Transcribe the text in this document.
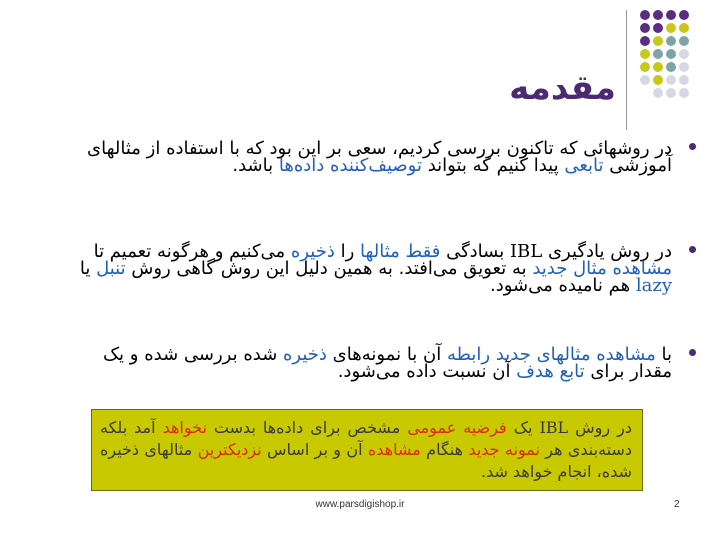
مقدمه

در روشهائی که تاکنون بررسی کردیم، سعی بر این بود که با استفاده از مثالهای آموزشی تابعی پیدا کنیم که بتواند توصیف‌کننده داده‌ها باشد.

در روش یادگیری IBL بسادگی فقط مثالها را ذخیره می‌کنیم و هرگونه تعمیم تا مشاهده مثال جدید به تعویق می‌افتد. به همین دلیل این روش گاهی روش تنبل یا lazy هم نامیده می‌شود.

با مشاهده مثالهای جدید رابطه آن با نمونه‌های ذخیره شده بررسی شده و یک مقدار برای تابع هدف آن نسبت داده می‌شود.

در روش IBL یک فرضیه عمومی مشخص برای داده‌ها بدست نخواهد آمد بلکه دسته‌بندی هر نمونه جدید هنگام مشاهده آن و بر اساس نزدیکترین مثالهای ذخیره شده، انجام خواهد شد.

www.parsdigishop.ir	2
